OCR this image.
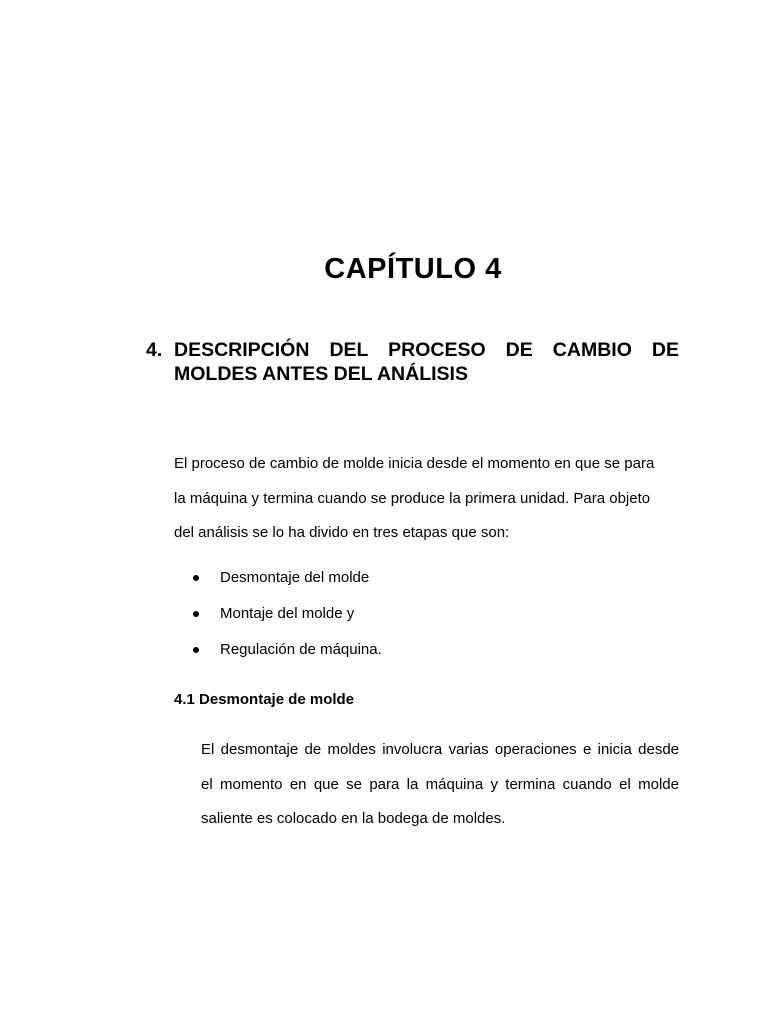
CAPÍTULO 4
4. DESCRIPCIÓN DEL PROCESO DE CAMBIO DE
MOLDES ANTES DEL ANÁLISIS

El proceso de cambio de molde inicia desde el momento en que se para
la máquina y termina cuando se produce la primera unidad. Para objeto
del análisis se lo ha divido en tres etapas que son:

Desmontaje del molde
Montaje del molde y
Regulación de máquina.
4.1 Desmontaje de molde

El desmontaje de moldes involucra varias operaciones e inicia desde
el momento en que se para la máquina y termina cuando el molde
saliente es colocado en la bodega de moldes.
